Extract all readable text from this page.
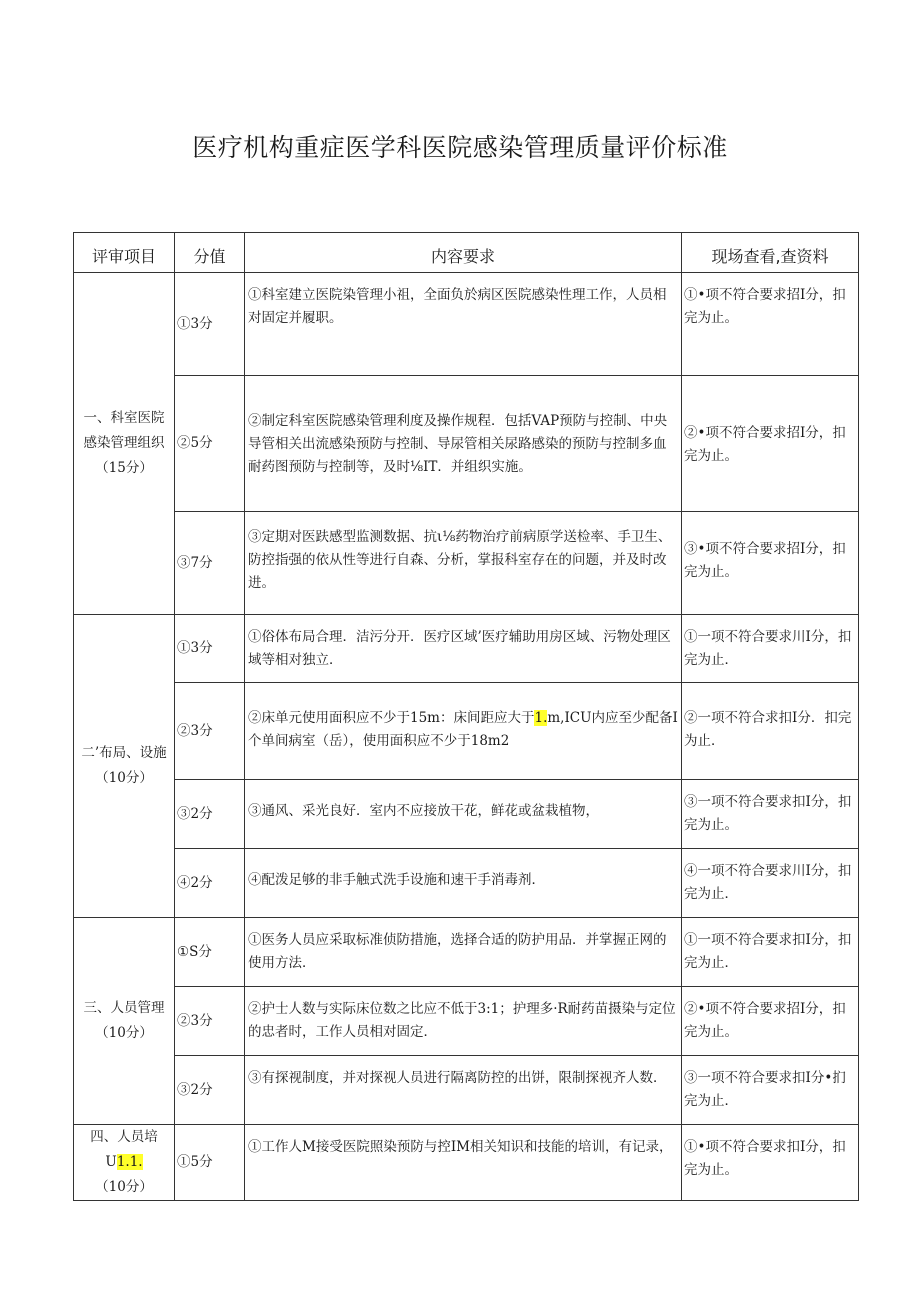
医疗机构重症医学科医院感染管理质量评价标准
评审项目	分值	内容要求	现场查看,查资料
一、科室医院感染管理组织（15分）	①3分	①科室建立医院染管理小祖，全面负於病区医院感染性理工作，人员相对固定并履职。	①•项不符合要求招I分，扣完为止。
	②5分	②制定科室医院感染管理利度及操作规程．包括VAP预防与控制、中央导管相关出流感染预防与控制、导尿管相关尿路感染的预防与控制多血耐药图预防与控制等，及时⅛IT．并组织实施。	②•项不符合要求招I分，扣完为止。
	③7分	③定期对医趺感型监测数据、抗ι⅛药物治疗前病原学送检率、手卫生、防控指强的依从性等进行自森、分析，掌报科室存在的问题，并及时改进。	③•项不符合要求招I分，扣完为止。
二’布局、设施（10分）	①3分	①俗体布局合理．洁污分开．医疗区域’医疗辅助用房区域、污物处理区域等相对独立．	①一项不符合要求川I分，扣完为止．
	②3分	②床单元使用面积应不少于15m：床间距应大于1.m,ICU内应至少配备I个单间病室（岳），使用面积应不少于18m2	②一项不符合求扣I分．扣完为止．
	③2分	③通风、采光良好．室内不应接放干花，鲜花或盆栽植物，	③一项不符合要求扣I分，扣完为止。
	④2分	④配泼足够的非手触式洗手设施和速干手消毒剂．	④一项不符合要求川I分，扣完为止．
三、人员管理（10分）	①S分	①医务人员应采取标准侦防措施，选择合适的防护用品．并掌握正网的使用方法．	①一项不符合要求扣I分，扣完为止．
	②3分	②护士人数与实际床位数之比应不低于3:1；护理多·R耐药苗摄染与定位的忠者时，工作人员相对固定．	②•项不符合要求招I分，扣完为止。
	③2分	③有探视制度，并对探视人员进行隔离防控的出饼，限制探视齐人数．	③一项不符合要求扣I分•扪完为止．
四、人员培U1.1.（10分）	①5分	①工作人M接受医院照染预防与控IM相关知识和技能的培训，有记录，	①•项不符合要求扣I分，扣完为止。
